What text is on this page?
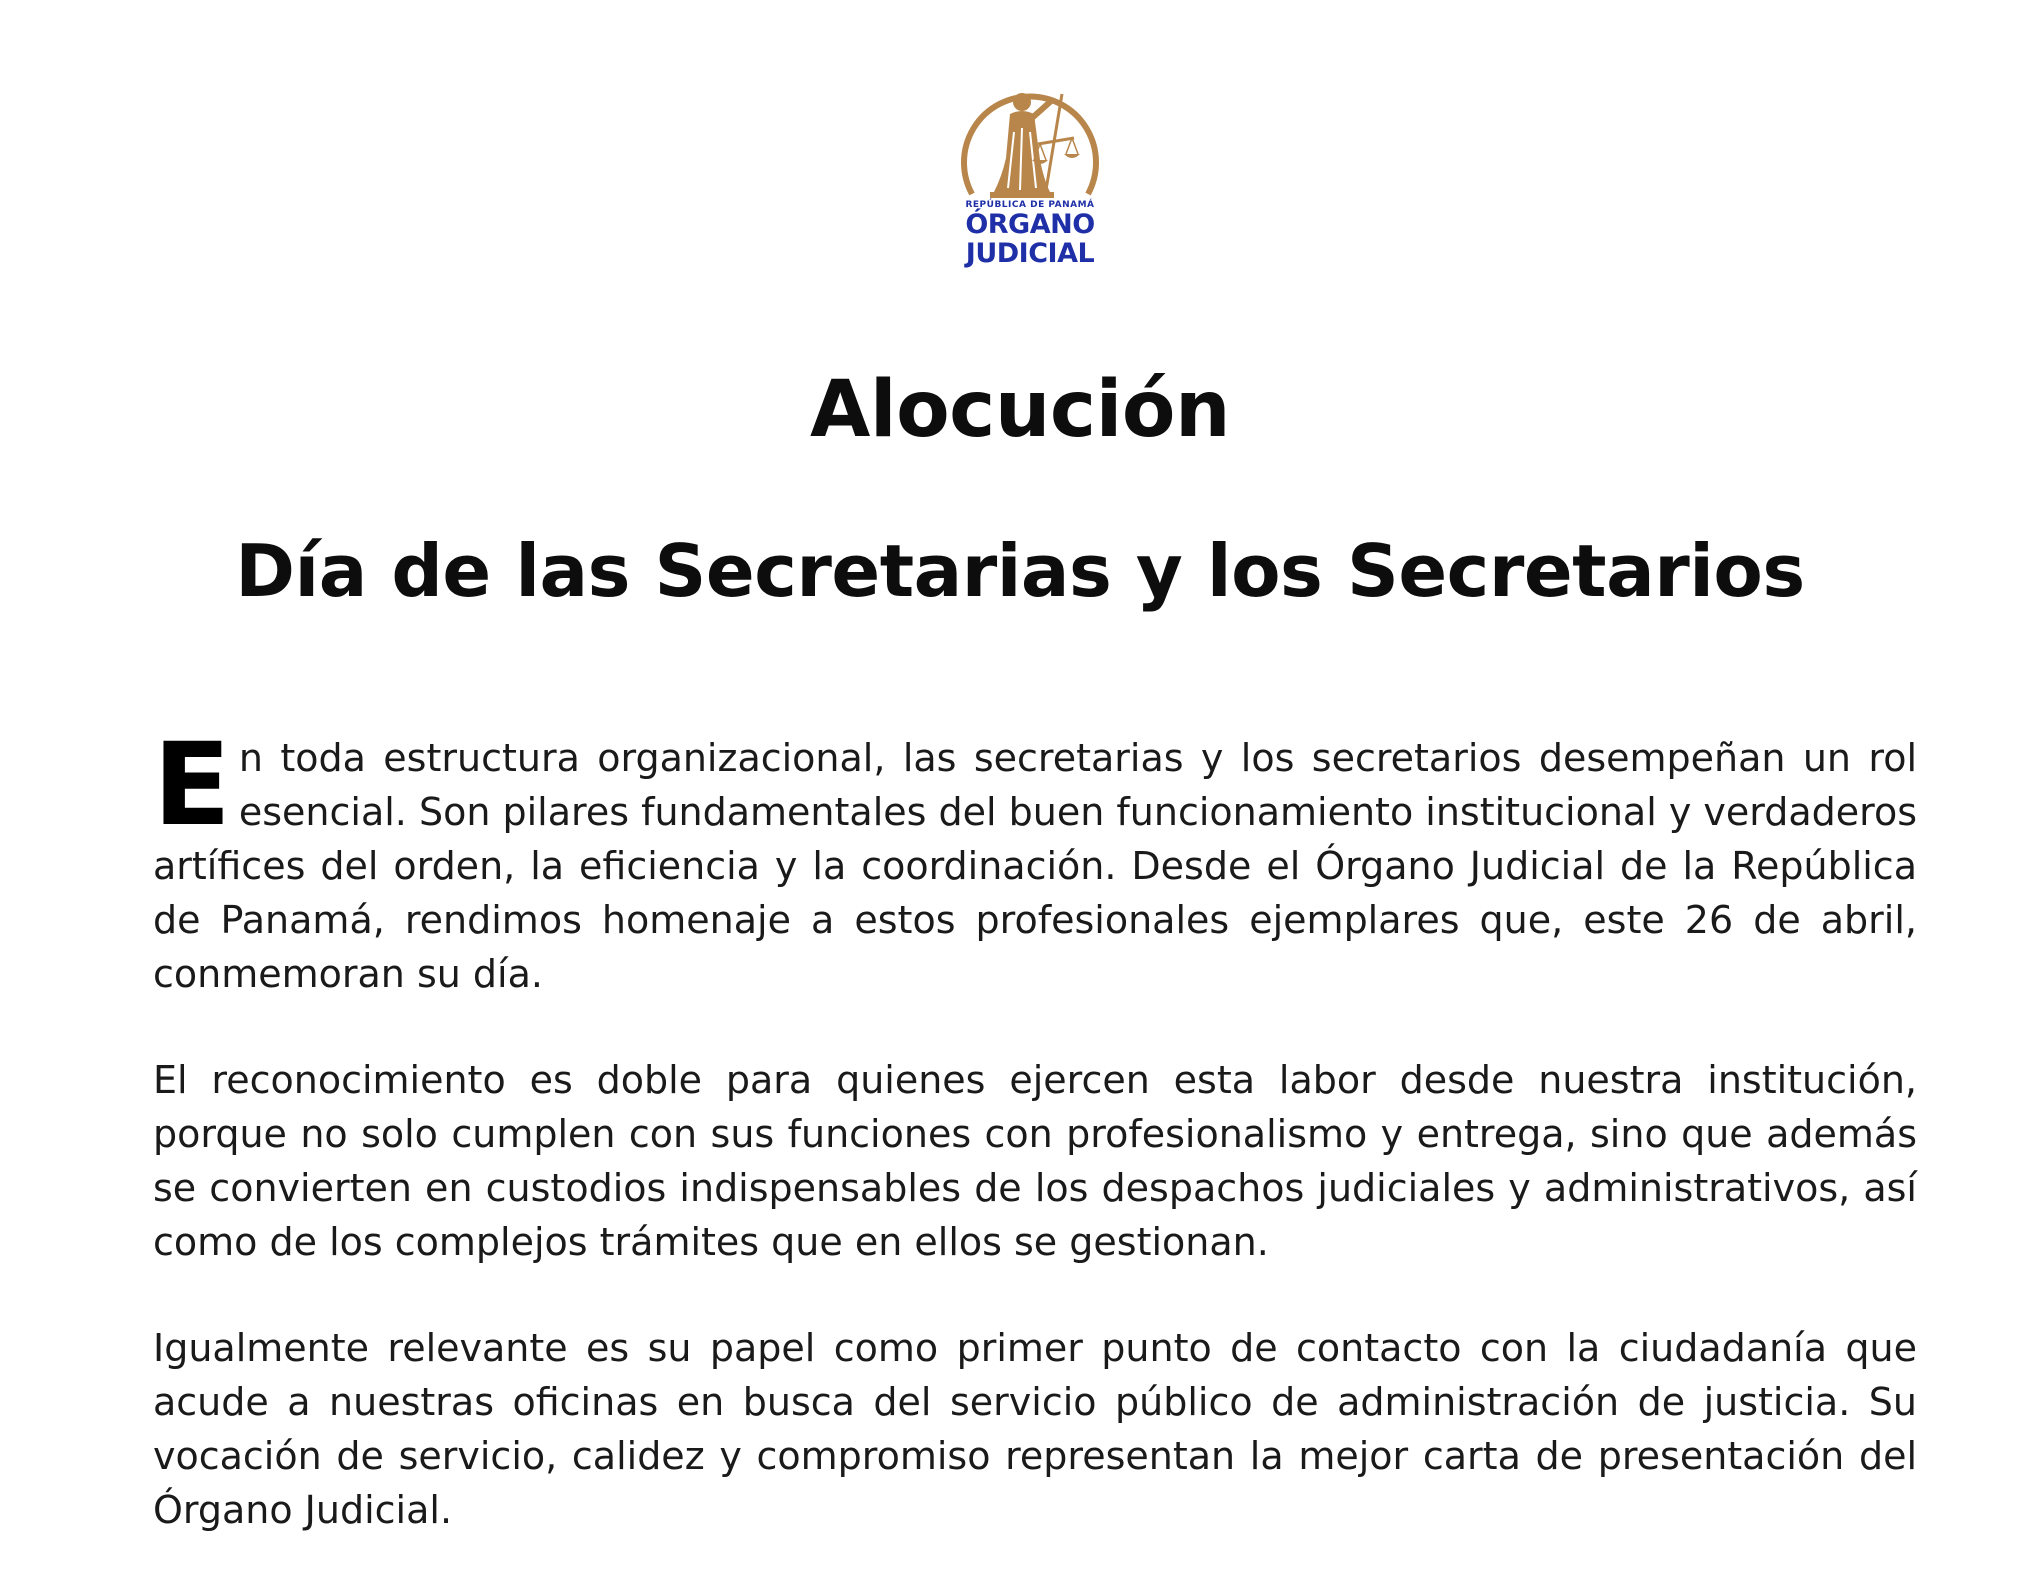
REPÚBLICA DE PANAMÁ
ÓRGANO
JUDICIAL
Alocución
Día de las Secretarias y los Secretarios
En toda estructura organizacional, las secretarias y los secretarios desempeñan un rol esencial. Son pilares fundamentales del buen funcionamiento institucional y verdaderos artífices del orden, la eficiencia y la coordinación. Desde el Órgano Judicial de la República de Panamá, rendimos homenaje a estos profesionales ejemplares que, este 26 de abril, conmemoran su día.
El reconocimiento es doble para quienes ejercen esta labor desde nuestra institución, porque no solo cumplen con sus funciones con profesionalismo y entrega, sino que además se convierten en custodios indispensables de los despachos judiciales y administrativos, así como de los complejos trámites que en ellos se gestionan.
Igualmente relevante es su papel como primer punto de contacto con la ciudadanía que acude a nuestras oficinas en busca del servicio público de administración de justicia. Su vocación de servicio, calidez y compromiso representan la mejor carta de presentación del Órgano Judicial.
